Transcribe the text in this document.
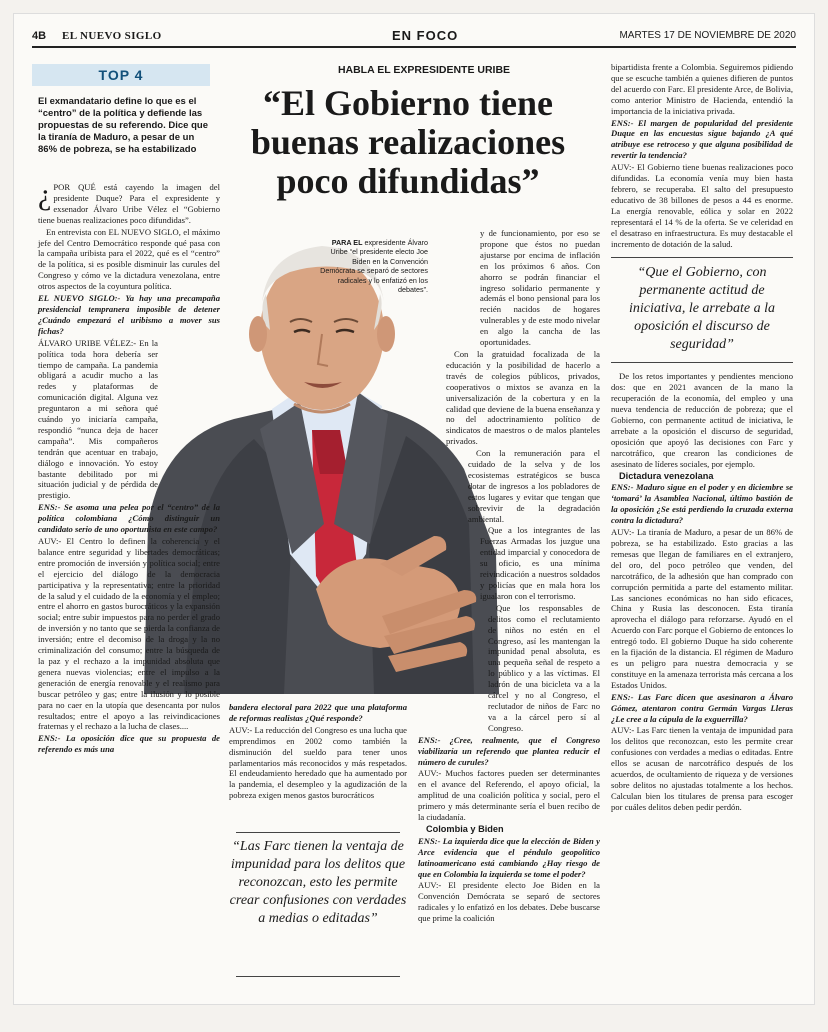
4B EL NUEVO SIGLO	EN FOCO	MARTES 17 DE NOVIEMBRE DE 2020
TOP 4	HABLA EL EXPRESIDENTE URIBE
“El Gobierno tiene buenas realizaciones poco difundidas”
El exmandatario define lo que es el “centro” de la política y defiende las propuestas de su referendo. Dice que la tiranía de Maduro, a pesar de un 86% de pobreza, se ha estabilizado
PARA EL expresidente Álvaro Uribe “el presidente electo Joe Biden en la Convención Demócrata se separó de sectores radicales y lo enfatizó en los debates”.

¿ POR QUÉ está cayendo la imagen del presidente Duque? Para el expresidente y exsenador Álvaro Uribe Vélez el “Gobierno tiene buenas realizaciones poco difundidas”.

En entrevista con EL NUEVO SIGLO, el máximo jefe del Centro Democrático responde qué pasa con la campaña uribista para el 2022, qué es el “centro” de la política, si es posible disminuir las curules del Congreso y cómo ve la dictadura venezolana, entre otros aspectos de la coyuntura política.

EL NUEVO SIGLO:- Ya hay una precampaña presidencial tempranera imposible de detener ¿Cuándo empezará el uribismo a mover sus fichas?

ÁLVARO URIBE VÉLEZ:- En la política toda hora debería ser tiempo de campaña. La pandemia obligará a acudir mucho a las redes y plataformas de comunicación digital. Alguna vez preguntaron a mi señora qué cuándo yo iniciaría campaña, respondió “nunca deja de hacer campaña”. Mis compañeros tendrán que acentuar en trabajo, diálogo e innovación. Yo estoy bastante debilitado por mi situación judicial y de pérdida de prestigio.

ENS:- Se asoma una pelea por el “centro” de la política colombiana ¿Cómo distinguir un candidato serio de uno oportunista en este campo?

AUV:- El Centro lo definen la coherencia y el balance entre seguridad y libertades democráticas; entre promoción de inversión y política social; entre el ejercicio del diálogo de la democracia participativa y la representativa; entre la prioridad de la salud y el cuidado de la economía y el empleo; entre el ahorro en gastos burocráticos y la expansión social; entre subir impuestos para no perder el grado de inversión y no tanto que se pierda la confianza de inversión; entre el decomiso de la droga y la no criminalización del consumo; entre la búsqueda de la paz y el rechazo a la impunidad absoluta que genera nuevas violencias; entre el impulso a la generación de energía renovable y el realismo para buscar petróleo y gas; entre la ilusión y lo posible para no caer en la utopía que desencanta por nulos resultados; entre el apoyo a las reivindicaciones fraternas y el rechazo a la lucha de clases....

ENS:- La oposición dice que su propuesta de referendo es más una

bandera electoral para 2022 que una plataforma de reformas realistas ¿Qué responde?

AUV:- La reducción del Congreso es una lucha que emprendimos en 2002 como también la disminución del sueldo para tener unos parlamentarios más reconocidos y más respetados. El endeudamiento heredado que ha aumentado por la pandemia, el desempleo y la agudización de la pobreza exigen menos gastos burocráticos

“Las Farc tienen la ventaja de impunidad para los delitos que reconozcan, esto les permite crear confusiones con verdades a medias o editadas”

y de funcionamiento, por eso se propone que éstos no puedan ajustarse por encima de inflación en los próximos 6 años. Con ahorro se podrán financiar el ingreso solidario permanente y además el bono pensional para los recién nacidos de hogares vulnerables y de este modo nivelar en algo la cancha de las oportunidades.

Con la gratuidad focalizada de la educación y la posibilidad de hacerlo a través de colegios públicos, privados, cooperativos o mixtos se avanza en la universalización de la cobertura y en la calidad que deviene de la buena enseñanza y no del adoctrinamiento político de sindicatos de maestros o de malos planteles privados.

Con la remuneración para el cuidado de la selva y de los ecosistemas estratégicos se busca dotar de ingresos a los pobladores de estos lugares y evitar que tengan que sobrevivir de la degradación ambiental.

Que a los integrantes de las Fuerzas Armadas los juzgue una entidad imparcial y conocedora de su oficio, es una mínima reivindicación a nuestros soldados y policías que en mala hora los igualaron con el terrorismo.

Que los responsables de delitos como el reclutamiento de niños no estén en el Congreso, así les mantengan la impunidad penal absoluta, es una pequeña señal de respeto a lo público y a las víctimas. El ladrón de una bicicleta va a la cárcel y no al Congreso, el reclutador de niños de Farc no va a la cárcel pero sí al Congreso.

ENS:- ¿Cree, realmente, que el Congreso viabilizaría un referendo que plantea reducir el número de curules?

AUV:- Muchos factores pueden ser determinantes en el avance del Referendo, el apoyo oficial, la amplitud de una coalición política y social, pero el primero y más determinante sería el buen recibo de la ciudadanía.

Colombia y Biden

ENS:- La izquierda dice que la elección de Biden y Arce evidencia que el péndulo geopolítico latinoamericano está cambiando ¿Hay riesgo de que en Colombia la izquierda se tome el poder?

AUV:- El presidente electo Joe Biden en la Convención Demócrata se separó de sectores radicales y lo enfatizó en los debates. Debe buscarse que prime la coalición

bipartidista frente a Colombia. Seguiremos pidiendo que se escuche también a quienes difieren de puntos del acuerdo con Farc. El presidente Arce, de Bolivia, como anterior Ministro de Hacienda, entendió la importancia de la iniciativa privada.

ENS:- El margen de popularidad del presidente Duque en las encuestas sigue bajando ¿A qué atribuye ese retroceso y que alguna posibilidad de revertir la tendencia?

AUV:- El Gobierno tiene buenas realizaciones poco difundidas. La economía venía muy bien hasta febrero, se recuperaba. El salto del presupuesto educativo de 38 billones de pesos a 44 es enorme. La energía renovable, eólica y solar en 2022 representará el 14 % de la oferta. Se ve celeridad en el desatraso en infraestructura. Es muy destacable el incremento de dotación de la salud.

“Que el Gobierno, con permanente actitud de iniciativa, le arrebate a la oposición el discurso de seguridad”

De los retos importantes y pendientes menciono dos: que en 2021 avancen de la mano la recuperación de la economía, del empleo y una nueva tendencia de reducción de pobreza; que el Gobierno, con permanente actitud de iniciativa, le arrebate a la oposición el discurso de seguridad, oposición que apoyó las decisiones con Farc y narcotráfico, que crearon las condiciones de asesinato de líderes sociales, por ejemplo.

Dictadura venezolana

ENS:- Maduro sigue en el poder y en diciembre se ‘tomará’ la Asamblea Nacional, último bastión de la oposición ¿Se está perdiendo la cruzada externa contra la dictadura?

AUV:- La tiranía de Maduro, a pesar de un 86% de pobreza, se ha estabilizado. Esto gracias a las remesas que llegan de familiares en el extranjero, del oro, del poco petróleo que venden, del narcotráfico, de la adhesión que han comprado con corrupción permitida a parte del estamento militar. Las sanciones económicas no han sido eficaces, China y Rusia las desconocen. Esta tiranía aprovecha el diálogo para reforzarse. Ayudó en el Acuerdo con Farc porque el Gobierno de entonces lo entregó todo. El gobierno Duque ha sido coherente en la fijación de la distancia. El régimen de Maduro es un peligro para nuestra democracia y se constituye en la amenaza terrorista más cercana a los Estados Unidos.

ENS:- Las Farc dicen que asesinaron a Álvaro Gómez, atentaron contra Germán Vargas Lleras ¿Le cree a la cúpula de la exguerrilla?

AUV:- Las Farc tienen la ventaja de impunidad para los delitos que reconozcan, esto les permite crear confusiones con verdades a medias o editadas. Entre ellos se acusan de narcotráfico después de los acuerdos, de ocultamiento de riqueza y de versiones sobre delitos no ajustadas totalmente a los hechos. Calculan bien los titulares de prensa para escoger por cuáles delitos deben pedir perdón.
